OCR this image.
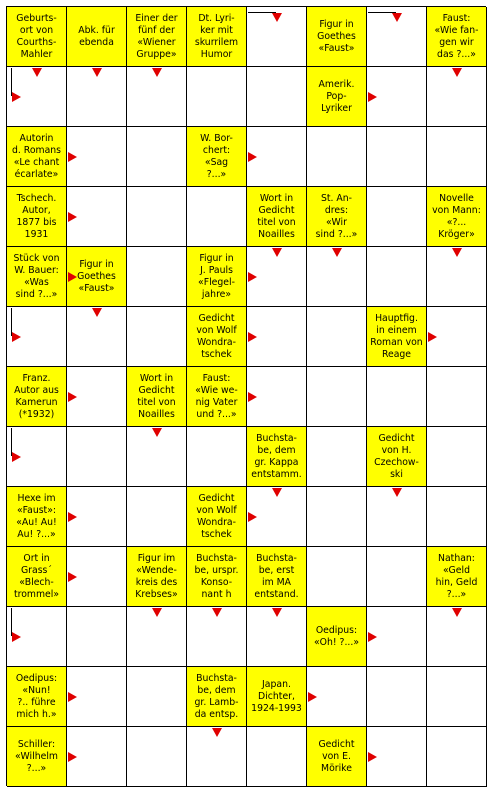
Geburts-
ort von
Courths-
Mahler
Abk. für
ebenda
Einer der
fünf der
«Wiener
Gruppe»
Dt. Lyri-
ker mit
skurrilem
Humor
Figur in
Goethes
«Faust»
Faust:
«Wie fan-
gen wir
das ?...»
Amerik.
Pop-
Lyriker
Autorin
d. Romans
«Le chant
écarlate»
W. Bor-
chert:
«Sag
?...»
Tschech.
Autor,
1877 bis
1931
Wort in
Gedicht
titel von
Noailles
St. An-
dres:
«Wir
sind ?...»
Novelle
von Mann:
«?...
Kröger»
Stück von
W. Bauer:
«Was
sind ?...»
Figur in
Goethes
«Faust»
Figur in
J. Pauls
«Flegel-
jahre»
Gedicht
von Wolf
Wondra-
tschek
Hauptfig.
in einem
Roman von
Reage
Franz.
Autor aus
Kamerun
(*1932)
Wort in
Gedicht
titel von
Noailles
Faust:
«Wie we-
nig Vater
und ?...»
Buchsta-
be, dem
gr. Kappa
entstamm.
Gedicht
von H.
Czechow-
ski
Hexe im
«Faust»:
«Au! Au!
Au! ?...»
Gedicht
von Wolf
Wondra-
tschek
Ort in
Grass´
«Blech-
trommel»
Figur im
«Wende-
kreis des
Krebses»
Buchsta-
be, urspr.
Konso-
nant h
Buchsta-
be, erst
im MA
entstand.
Nathan:
«Geld
hin, Geld
?...»
Oedipus:
«Oh! ?...»
Oedipus:
«Nun!
?.. führe
mich h.»
Buchsta-
be, dem
gr. Lamb-
da entsp.
Japan.
Dichter,
1924-1993
Schiller:
«Wilhelm
?...»
Gedicht
von E.
Mörike
